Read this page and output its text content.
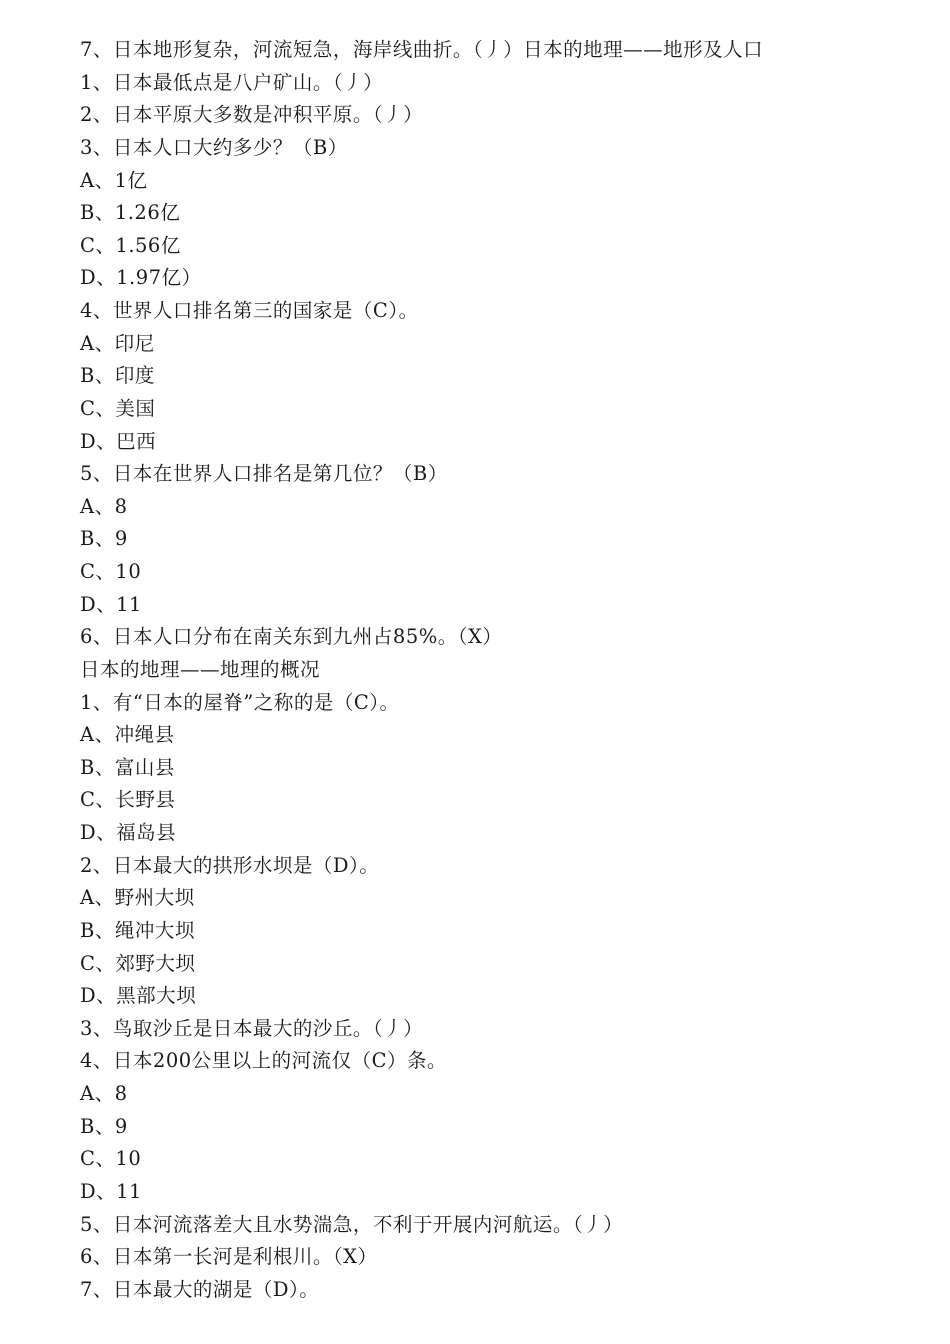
7、日本地形复杂，河流短急，海岸线曲折。（丿）日本的地理——地形及人口
1、日本最低点是八户矿山。（丿）
2、日本平原大多数是冲积平原。（丿）
3、日本人口大约多少？（B）
A、1亿
B、1.26亿
C、1.56亿
D、1.97亿）
4、世界人口排名第三的国家是（C）。
A、印尼
B、印度
C、美国
D、巴西
5、日本在世界人口排名是第几位？（B）
A、8
B、9
C、10
D、11
6、日本人口分布在南关东到九州占85%。（X）
日本的地理——地理的概况
1、有“日本的屋脊”之称的是（C）。
A、冲绳县
B、富山县
C、长野县
D、福岛县
2、日本最大的拱形水坝是（D）。
A、野州大坝
B、绳冲大坝
C、郊野大坝
D、黑部大坝
3、鸟取沙丘是日本最大的沙丘。（丿）
4、日本200公里以上的河流仅（C）条。
A、8
B、9
C、10
D、11
5、日本河流落差大且水势湍急，不利于开展内河航运。（丿）
6、日本第一长河是利根川。（X）
7、日本最大的湖是（D）。
